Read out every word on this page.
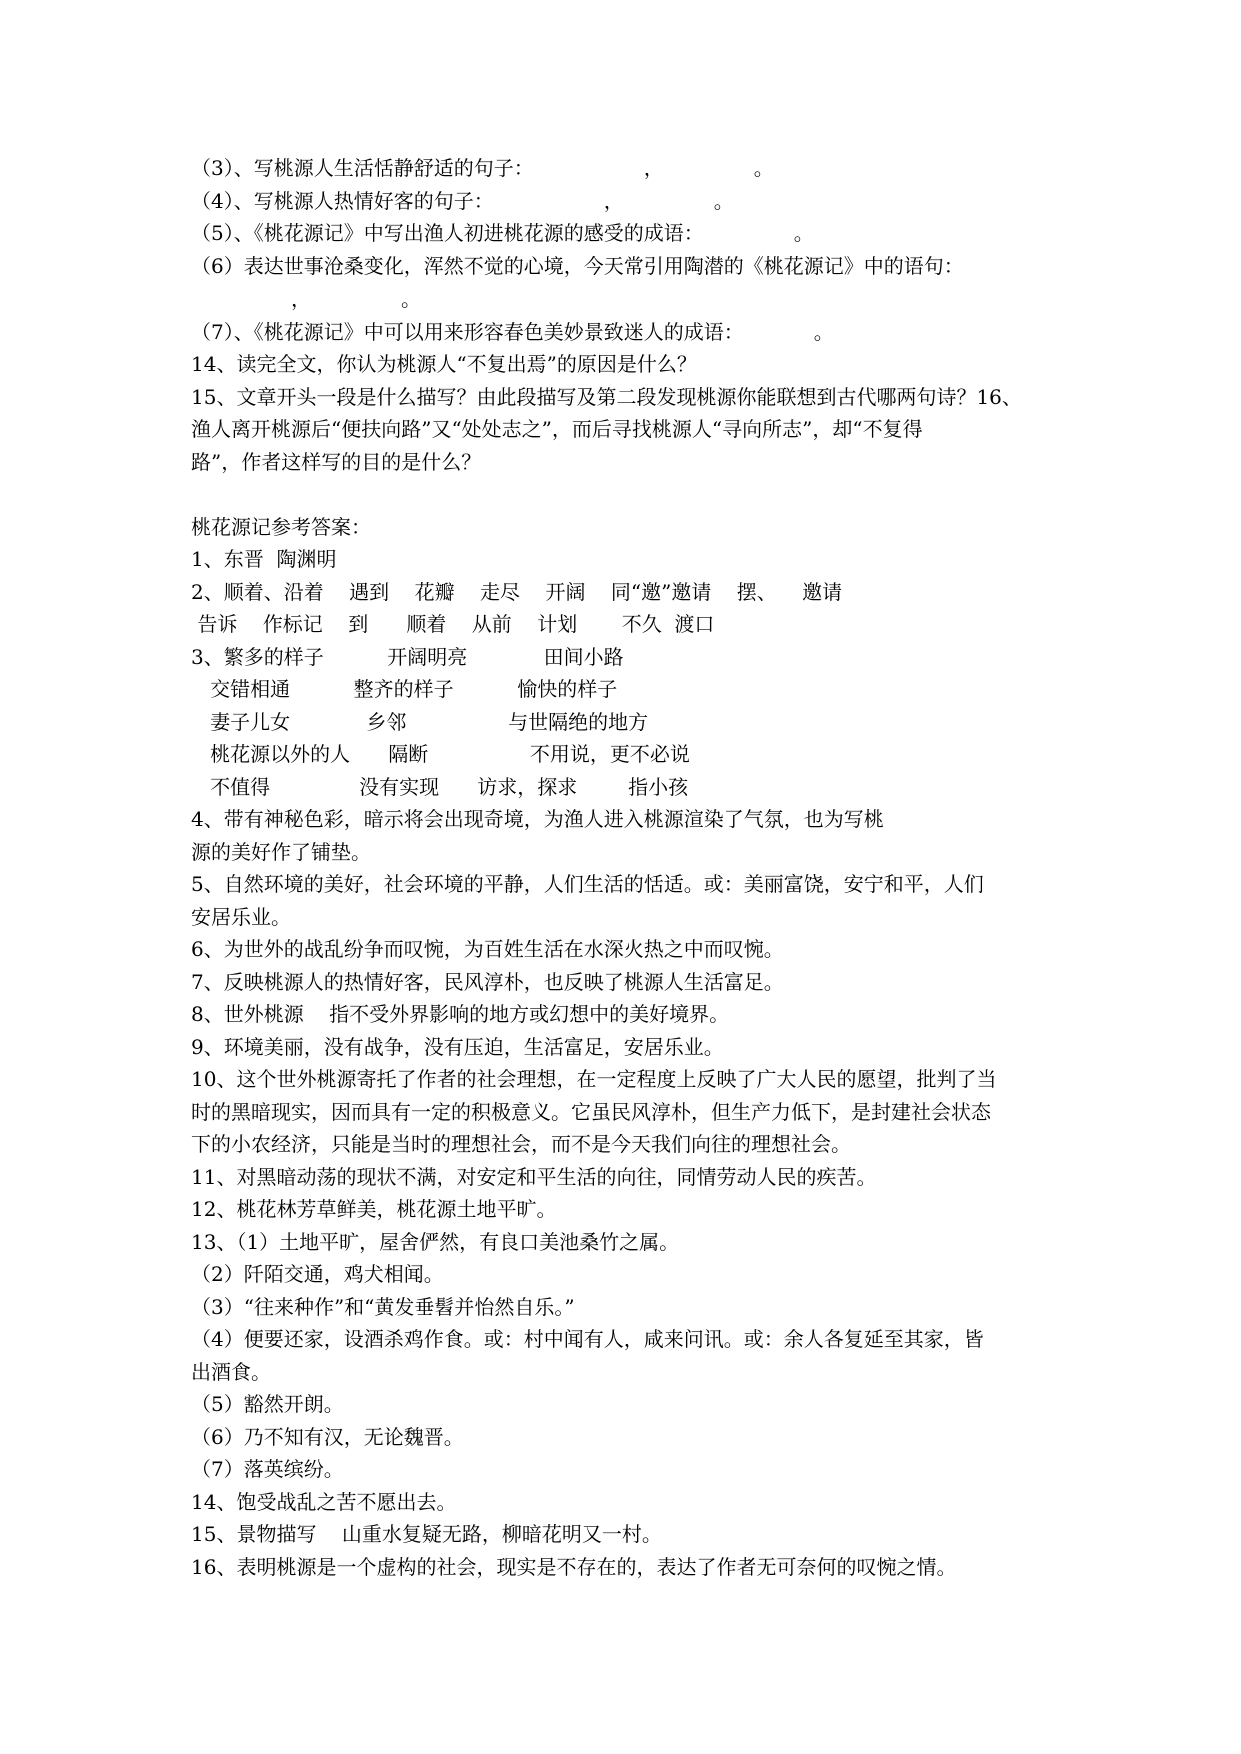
（3）、写桃源人生活恬静舒适的句子：　　　　　　，　　　　　。
（4）、写桃源人热情好客的句子：　　　　　　，　　　　　。
（5）、《桃花源记》中写出渔人初进桃花源的感受的成语：　　　　　。
（6）表达世事沧桑变化，浑然不觉的心境，今天常引用陶潜的《桃花源记》中的语句：
　　　　　，　　　　　。
（7）、《桃花源记》中可以用来形容春色美妙景致迷人的成语：　　　　。
14、读完全文，你认为桃源人“不复出焉”的原因是什么？
15、文章开头一段是什么描写？由此段描写及第二段发现桃源你能联想到古代哪两句诗？16、
渔人离开桃源后“便扶向路”又“处处志之”，而后寻找桃源人“寻向所志”，却“不复得
路”，作者这样写的目的是什么？
桃花源记参考答案：
1、东晋  陶渊明
2、顺着、沿着    遇到    花瓣    走尽    开阔    同“邀”邀请    摆、    邀请
告诉    作标记    到      顺着    从前    计划       不久  渡口
3、繁多的样子          开阔明亮            田间小路
交错相通          整齐的样子          愉快的样子
妻子儿女            乡邻                与世隔绝的地方
桃花源以外的人      隔断                不用说，更不必说
不值得              没有实现      访求，探求        指小孩
4、带有神秘色彩，暗示将会出现奇境，为渔人进入桃源渲染了气氛，也为写桃
源的美好作了铺垫。
5、自然环境的美好，社会环境的平静，人们生活的恬适。或：美丽富饶，安宁和平，人们
安居乐业。
6、为世外的战乱纷争而叹惋，为百姓生活在水深火热之中而叹惋。
7、反映桃源人的热情好客，民风淳朴，也反映了桃源人生活富足。
8、世外桃源    指不受外界影响的地方或幻想中的美好境界。
9、环境美丽，没有战争，没有压迫，生活富足，安居乐业。
10、这个世外桃源寄托了作者的社会理想，在一定程度上反映了广大人民的愿望，批判了当
时的黑暗现实，因而具有一定的积极意义。它虽民风淳朴，但生产力低下，是封建社会状态
下的小农经济，只能是当时的理想社会，而不是今天我们向往的理想社会。
11、对黑暗动荡的现状不满，对安定和平生活的向往，同情劳动人民的疾苦。
12、桃花林芳草鲜美，桃花源土地平旷。
13、（1）土地平旷，屋舍俨然，有良口美池桑竹之属。
（2）阡陌交通，鸡犬相闻。
（3）“往来种作”和“黄发垂髫并怡然自乐。”
（4）便要还家，设酒杀鸡作食。或：村中闻有人，咸来问讯。或：余人各复延至其家，皆
出酒食。
（5）豁然开朗。
（6）乃不知有汉，无论魏晋。
（7）落英缤纷。
14、饱受战乱之苦不愿出去。
15、景物描写    山重水复疑无路，柳暗花明又一村。
16、表明桃源是一个虚构的社会，现实是不存在的，表达了作者无可奈何的叹惋之情。
